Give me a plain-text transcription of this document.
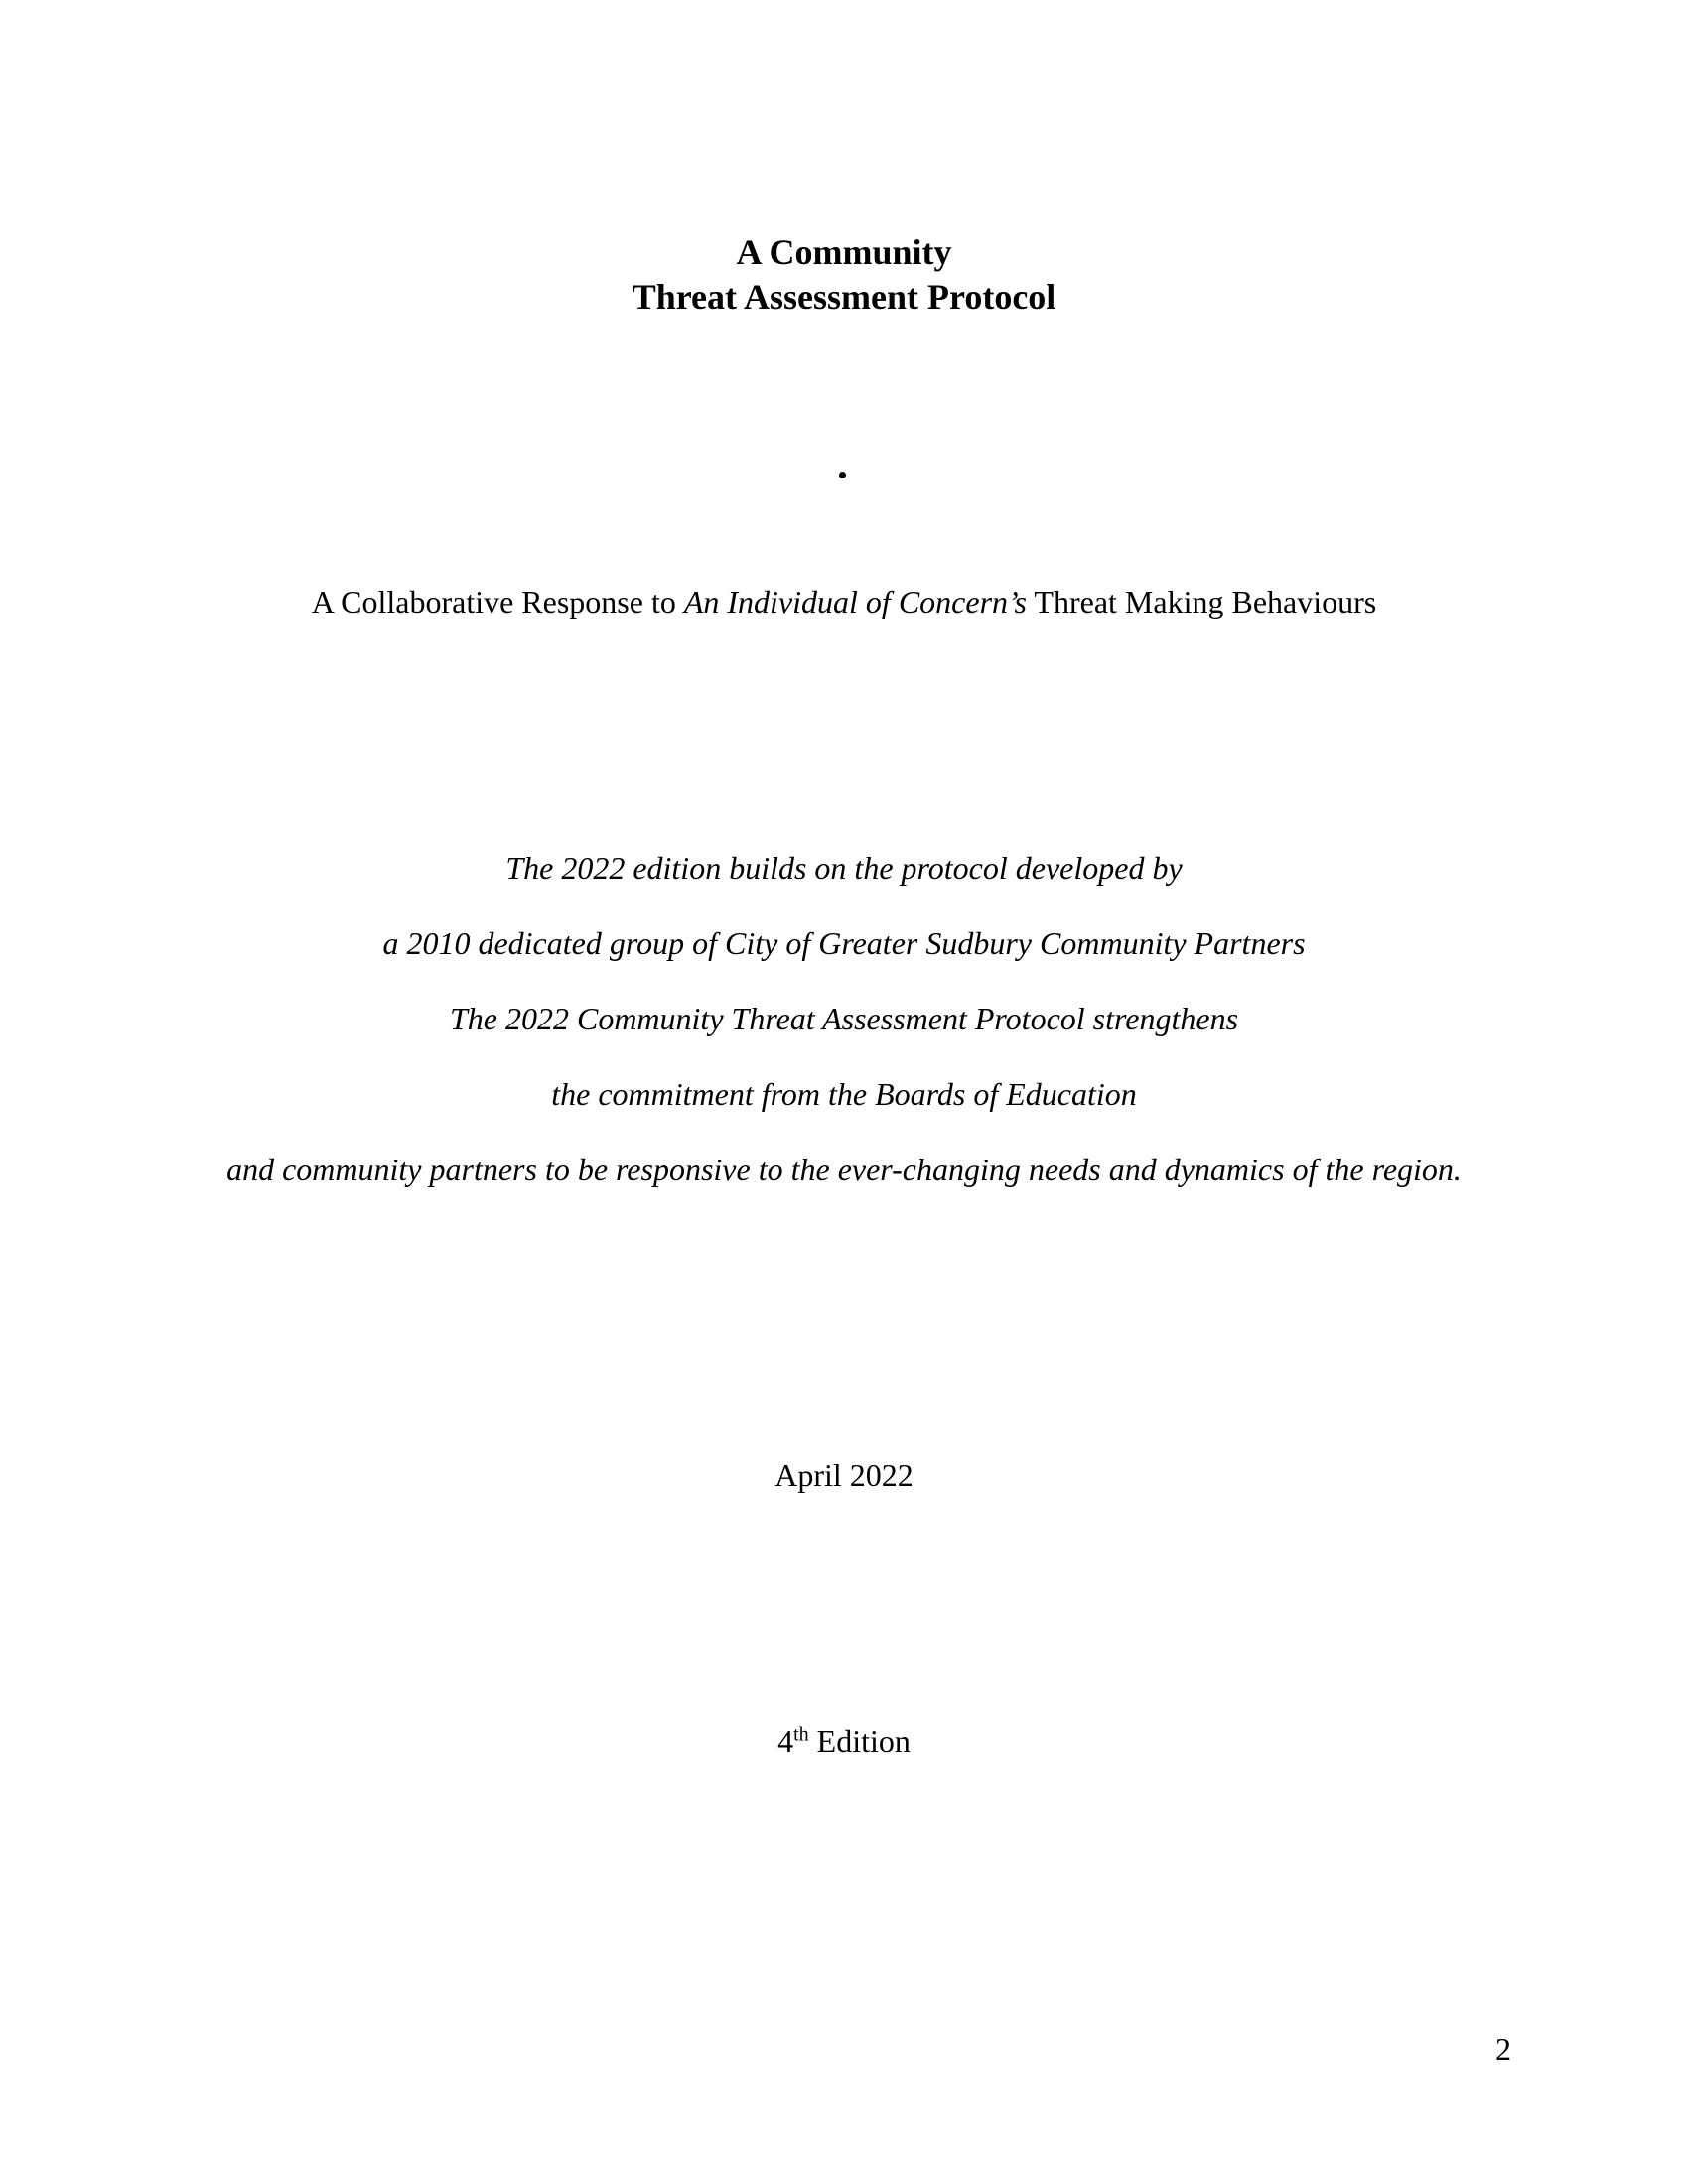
A Community
Threat Assessment Protocol
A Collaborative Response to An Individual of Concern’s Threat Making Behaviours
The 2022 edition builds on the protocol developed by
a 2010 dedicated group of City of Greater Sudbury Community Partners
The 2022 Community Threat Assessment Protocol strengthens
the commitment from the Boards of Education
and community partners to be responsive to the ever-changing needs and dynamics of the region.
April 2022
4th Edition
2
